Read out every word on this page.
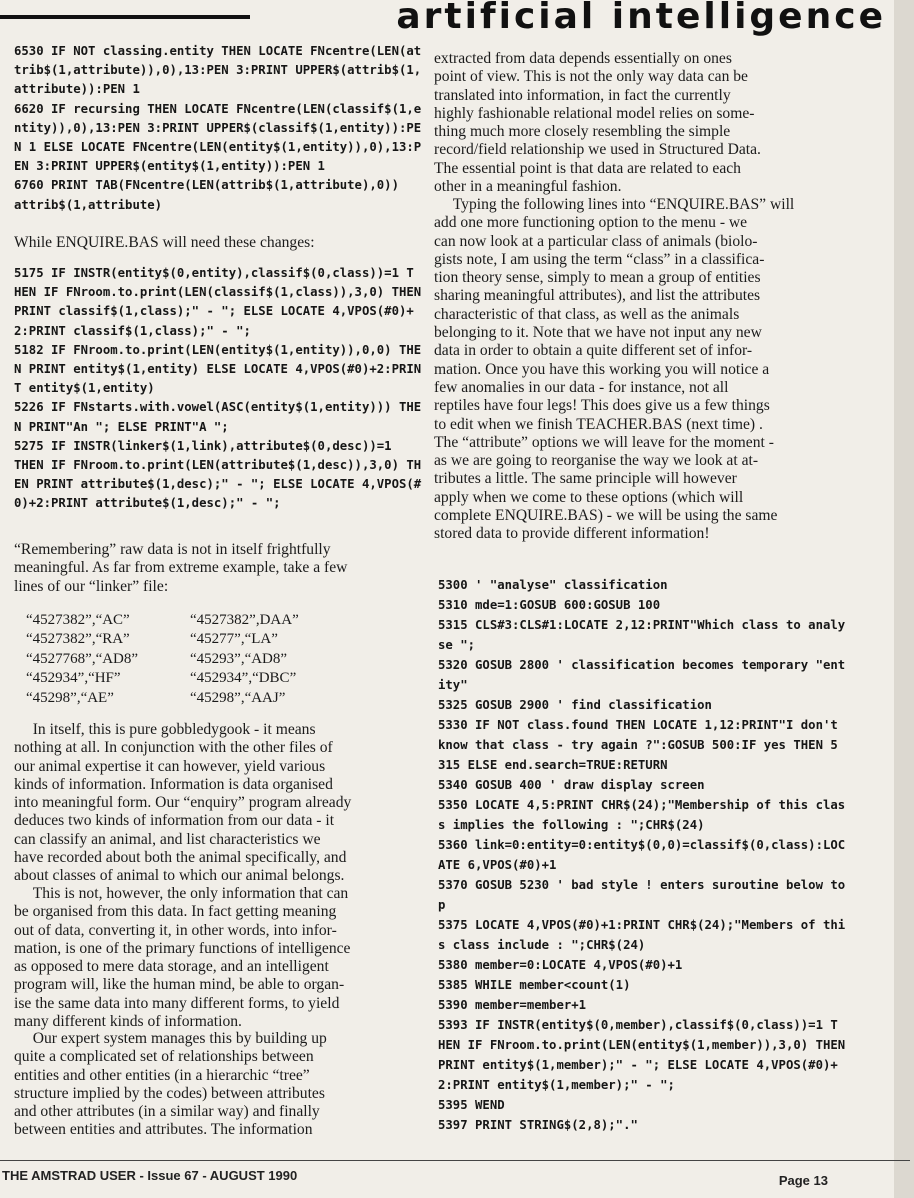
artificial intelligence
6530 IF NOT classing.entity THEN LOCATE FNcentre(LEN(at
trib$(1,attribute)),0),13:PEN 3:PRINT UPPER$(attrib$(1,
attribute)):PEN 1
6620 IF recursing THEN LOCATE FNcentre(LEN(classif$(1,e
ntity)),0),13:PEN 3:PRINT UPPER$(classif$(1,entity)):PE
N 1 ELSE LOCATE FNcentre(LEN(entity$(1,entity)),0),13:P
EN 3:PRINT UPPER$(entity$(1,entity)):PEN 1
6760 PRINT TAB(FNcentre(LEN(attrib$(1,attribute),0))
attrib$(1,attribute)
While ENQUIRE.BAS will need these changes:
5175 IF INSTR(entity$(0,entity),classif$(0,class))=1 T
HEN IF FNroom.to.print(LEN(classif$(1,class)),3,0) THEN
PRINT classif$(1,class);" - "; ELSE LOCATE 4,VPOS(#0)+
2:PRINT classif$(1,class);" - ";
5182 IF FNroom.to.print(LEN(entity$(1,entity)),0,0) THE
N PRINT entity$(1,entity) ELSE LOCATE 4,VPOS(#0)+2:PRIN
T entity$(1,entity)
5226 IF FNstarts.with.vowel(ASC(entity$(1,entity))) THE
N PRINT"An "; ELSE PRINT"A ";
5275 IF INSTR(linker$(1,link),attribute$(0,desc))=1
THEN IF FNroom.to.print(LEN(attribute$(1,desc)),3,0) TH
EN PRINT attribute$(1,desc);" - "; ELSE LOCATE 4,VPOS(#
0)+2:PRINT attribute$(1,desc);" - ";
“Remembering” raw data is not in itself frightfully
meaningful. As far from extreme example, take a few
lines of our “linker” file:
“4527382”,“AC”
“4527382”,“RA”
“4527768”,“AD8”
“452934”,“HF”
“45298”,“AE”
“4527382”,DAA”
“45277”,“LA”
“45293”,“AD8”
“452934”,“DBC”
“45298”,“AAJ”
In itself, this is pure gobbledygook - it means
nothing at all. In conjunction with the other files of
our animal expertise it can however, yield various
kinds of information. Information is data organised
into meaningful form. Our “enquiry” program already
deduces two kinds of information from our data - it
can classify an animal, and list characteristics we
have recorded about both the animal specifically, and
about classes of animal to which our animal belongs.
This is not, however, the only information that can
be organised from this data. In fact getting meaning
out of data, converting it, in other words, into infor-
mation, is one of the primary functions of intelligence
as opposed to mere data storage, and an intelligent
program will, like the human mind, be able to organ-
ise the same data into many different forms, to yield
many different kinds of information.
Our expert system manages this by building up
quite a complicated set of relationships between
entities and other entities (in a hierarchic “tree”
structure implied by the codes) between attributes
and other attributes (in a similar way) and finally
between entities and attributes. The information
extracted from data depends essentially on ones
point of view. This is not the only way data can be
translated into information, in fact the currently
highly fashionable relational model relies on some-
thing much more closely resembling the simple
record/field relationship we used in Structured Data.
The essential point is that data are related to each
other in a meaningful fashion.
Typing the following lines into “ENQUIRE.BAS” will
add one more functioning option to the menu - we
can now look at a particular class of animals (biolo-
gists note, I am using the term “class” in a classifica-
tion theory sense, simply to mean a group of entities
sharing meaningful attributes), and list the attributes
characteristic of that class, as well as the animals
belonging to it. Note that we have not input any new
data in order to obtain a quite different set of infor-
mation. Once you have this working you will notice a
few anomalies in our data - for instance, not all
reptiles have four legs! This does give us a few things
to edit when we finish TEACHER.BAS (next time) .
The “attribute” options we will leave for the moment -
as we are going to reorganise the way we look at at-
tributes a little. The same principle will however
apply when we come to these options (which will
complete ENQUIRE.BAS) - we will be using the same
stored data to provide different information!
5300 ' "analyse" classification
5310 mde=1:GOSUB 600:GOSUB 100
5315 CLS#3:CLS#1:LOCATE 2,12:PRINT"Which class to analy
se ";
5320 GOSUB 2800 ' classification becomes temporary "ent
ity"
5325 GOSUB 2900 ' find classification
5330 IF NOT class.found THEN LOCATE 1,12:PRINT"I don't
know that class - try again ?":GOSUB 500:IF yes THEN 5
315 ELSE end.search=TRUE:RETURN
5340 GOSUB 400 ' draw display screen
5350 LOCATE 4,5:PRINT CHR$(24);"Membership of this clas
s implies the following : ";CHR$(24)
5360 link=0:entity=0:entity$(0,0)=classif$(0,class):LOC
ATE 6,VPOS(#0)+1
5370 GOSUB 5230 ' bad style ! enters suroutine below to
p
5375 LOCATE 4,VPOS(#0)+1:PRINT CHR$(24);"Members of thi
s class include : ";CHR$(24)
5380 member=0:LOCATE 4,VPOS(#0)+1
5385 WHILE member<count(1)
5390 member=member+1
5393 IF INSTR(entity$(0,member),classif$(0,class))=1 T
HEN IF FNroom.to.print(LEN(entity$(1,member)),3,0) THEN
PRINT entity$(1,member);" - "; ELSE LOCATE 4,VPOS(#0)+
2:PRINT entity$(1,member);" - ";
5395 WEND
5397 PRINT STRING$(2,8);"."
THE AMSTRAD USER - Issue 67 - AUGUST 1990	Page 13
